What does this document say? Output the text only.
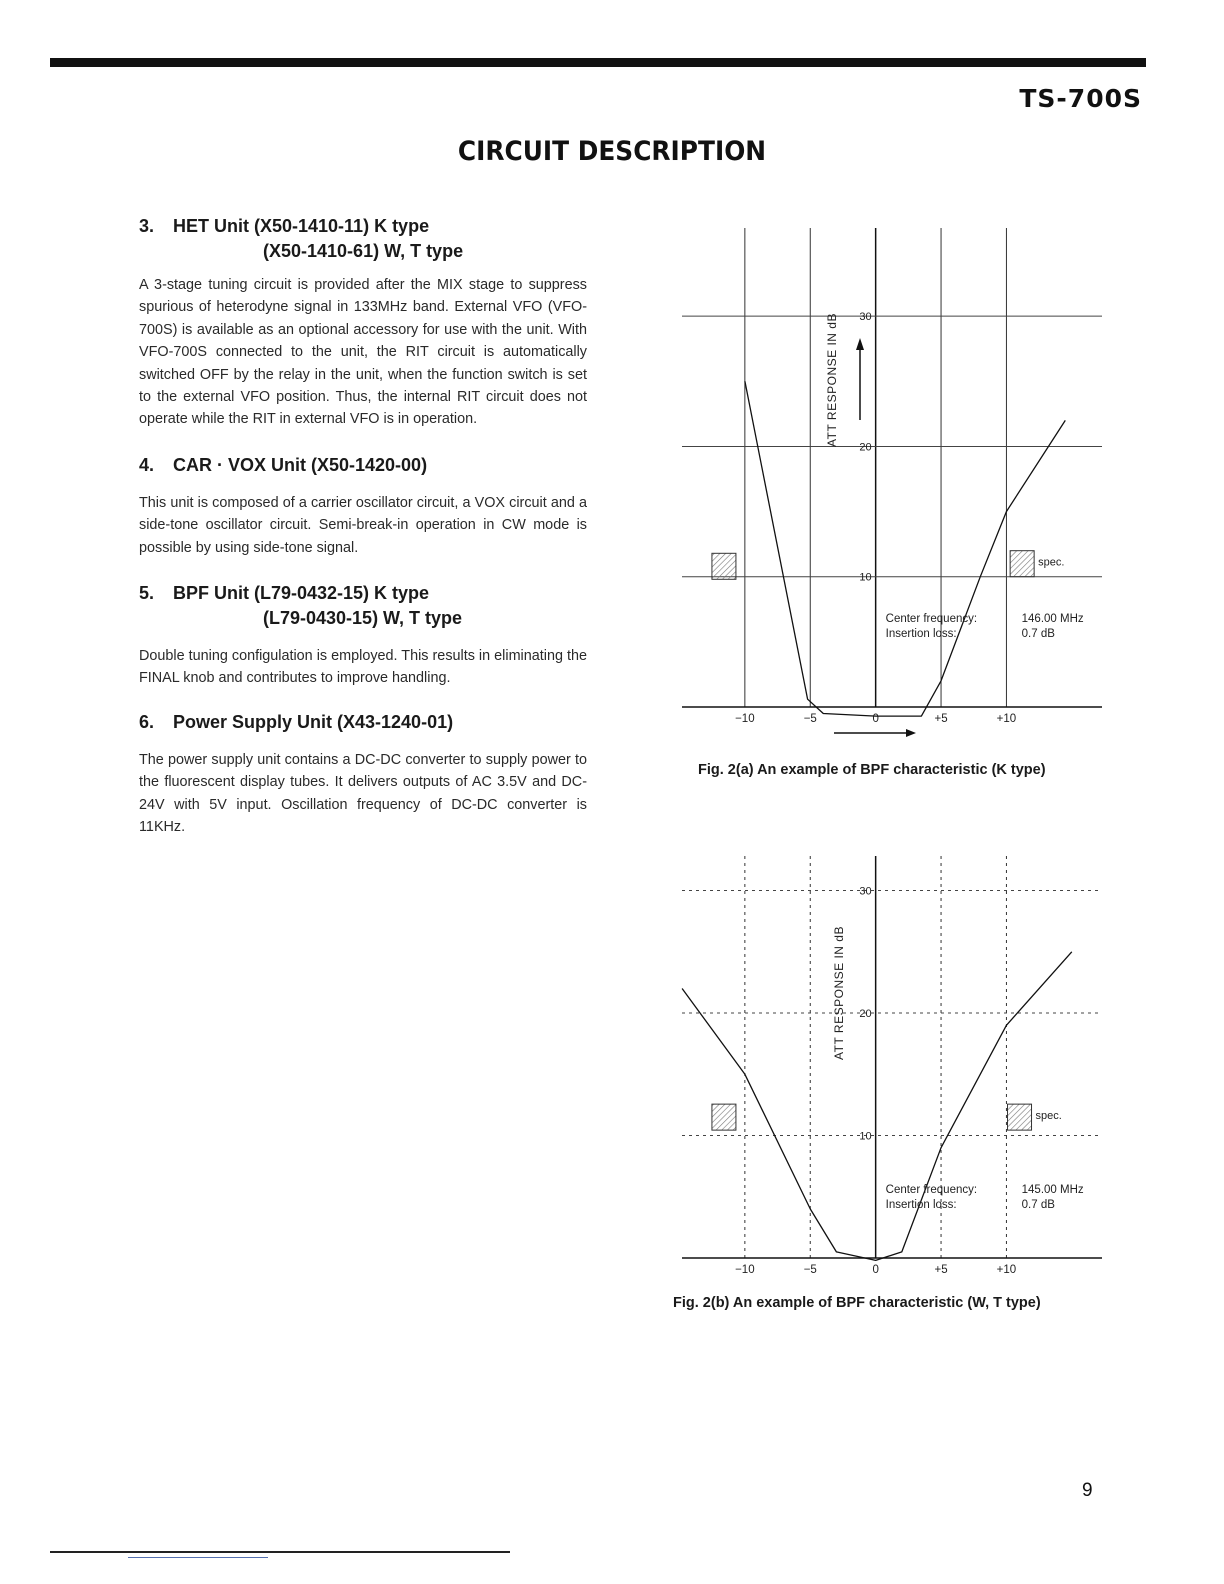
TS-700S
CIRCUIT DESCRIPTION
3. HET Unit (X50-1410-11) K type
(X50-1410-61) W, T type

A 3-stage tuning circuit is provided after the MIX stage to suppress spurious of heterodyne signal in 133MHz band. External VFO (VFO-700S) is available as an optional accessory for use with the unit. With VFO-700S connected to the unit, the RIT circuit is automatically switched OFF by the relay in the unit, when the function switch is set to the external VFO position. Thus, the internal RIT circuit does not operate while the RIT in external VFO is in operation.

4. CAR · VOX Unit (X50-1420-00)

This unit is composed of a carrier oscillator circuit, a VOX circuit and a side-tone oscillator circuit. Semi-break-in operation in CW mode is possible by using side-tone signal.

5. BPF Unit (L79-0432-15) K type
(L79-0430-15) W, T type

Double tuning configulation is employed. This results in eliminating the FINAL knob and contributes to improve handling.

6. Power Supply Unit (X43-1240-01)

The power supply unit contains a DC-DC converter to supply power to the fluorescent display tubes. It delivers outputs of AC 3.5V and DC-24V with 5V input. Oscillation frequency of DC-DC converter is 11KHz.

10
20
30
−10	−5	0	+5	+10
ATT RESPONSE IN dB
spec.
Center frequency:	146.00 MHz
Insertion loss:	0.7 dB
Fig. 2(a) An example of BPF characteristic (K type)
10
20
30
−10	−5	0	+5	+10
ATT RESPONSE IN dB
spec.
Center frequency:	145.00 MHz
Insertion loss:	0.7 dB
Fig. 2(b) An example of BPF characteristic (W, T type)
9
